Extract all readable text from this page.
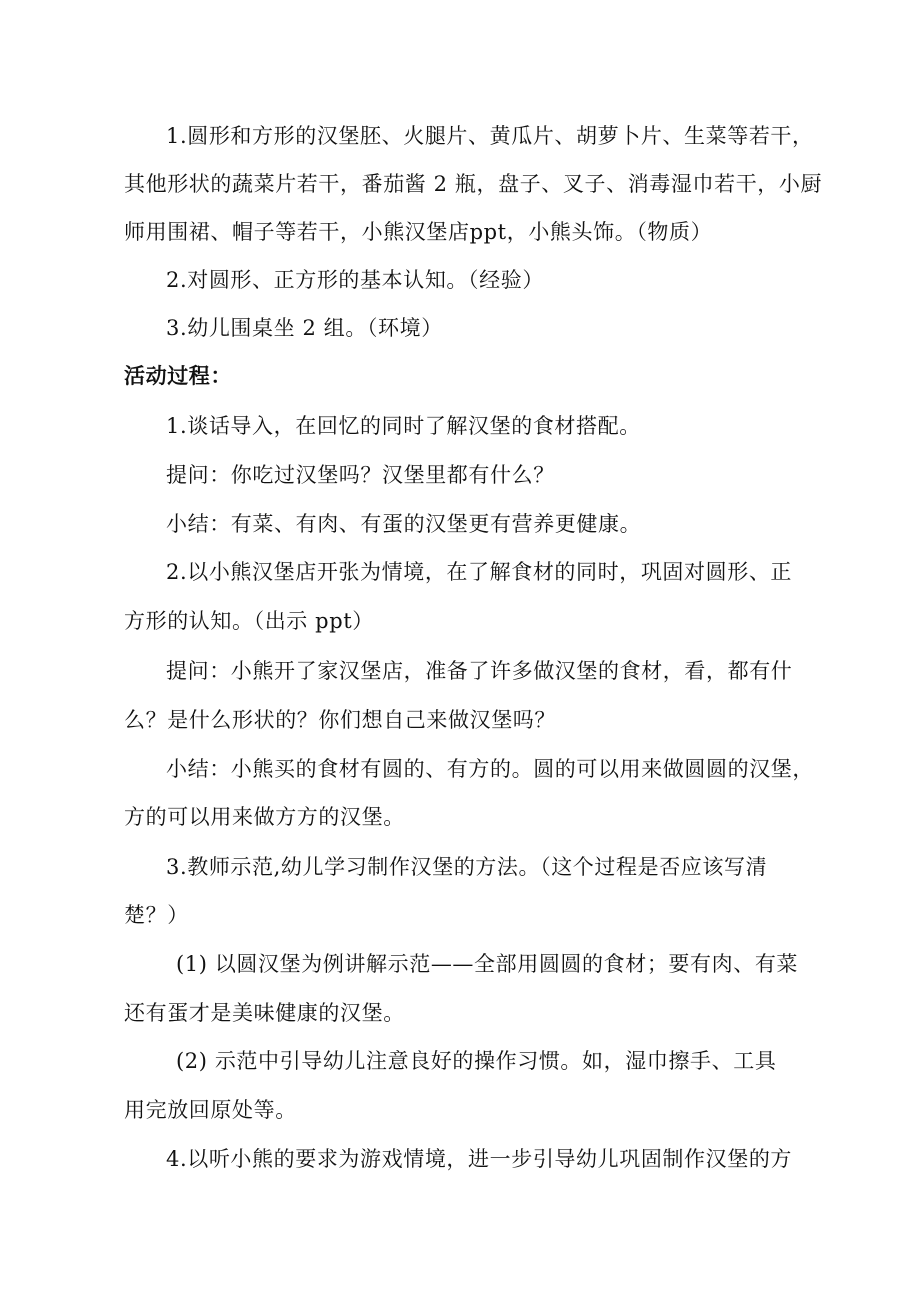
1.圆形和方形的汉堡胚、火腿片、黄瓜片、胡萝卜片、生菜等若干，
其他形状的蔬菜片若干，番茄酱 2 瓶，盘子、叉子、消毒湿巾若干，小厨
师用围裙、帽子等若干，小熊汉堡店ppt，小熊头饰。（物质）
2.对圆形、正方形的基本认知。（经验）
3.幼儿围桌坐 2 组。（环境）
活动过程：
1.谈话导入，在回忆的同时了解汉堡的食材搭配。
提问：你吃过汉堡吗？汉堡里都有什么？
小结：有菜、有肉、有蛋的汉堡更有营养更健康。
2.以小熊汉堡店开张为情境，在了解食材的同时，巩固对圆形、正
方形的认知。（出示 ppt）
提问：小熊开了家汉堡店，准备了许多做汉堡的食材，看，都有什
么？是什么形状的？你们想自己来做汉堡吗？
小结：小熊买的食材有圆的、有方的。圆的可以用来做圆圆的汉堡，
方的可以用来做方方的汉堡。
3.教师示范,幼儿学习制作汉堡的方法。（这个过程是否应该写清
楚？）
(1) 以圆汉堡为例讲解示范——全部用圆圆的食材；要有肉、有菜
还有蛋才是美味健康的汉堡。
(2) 示范中引导幼儿注意良好的操作习惯。如，湿巾擦手、工具
用完放回原处等。
4.以听小熊的要求为游戏情境，进一步引导幼儿巩固制作汉堡的方
